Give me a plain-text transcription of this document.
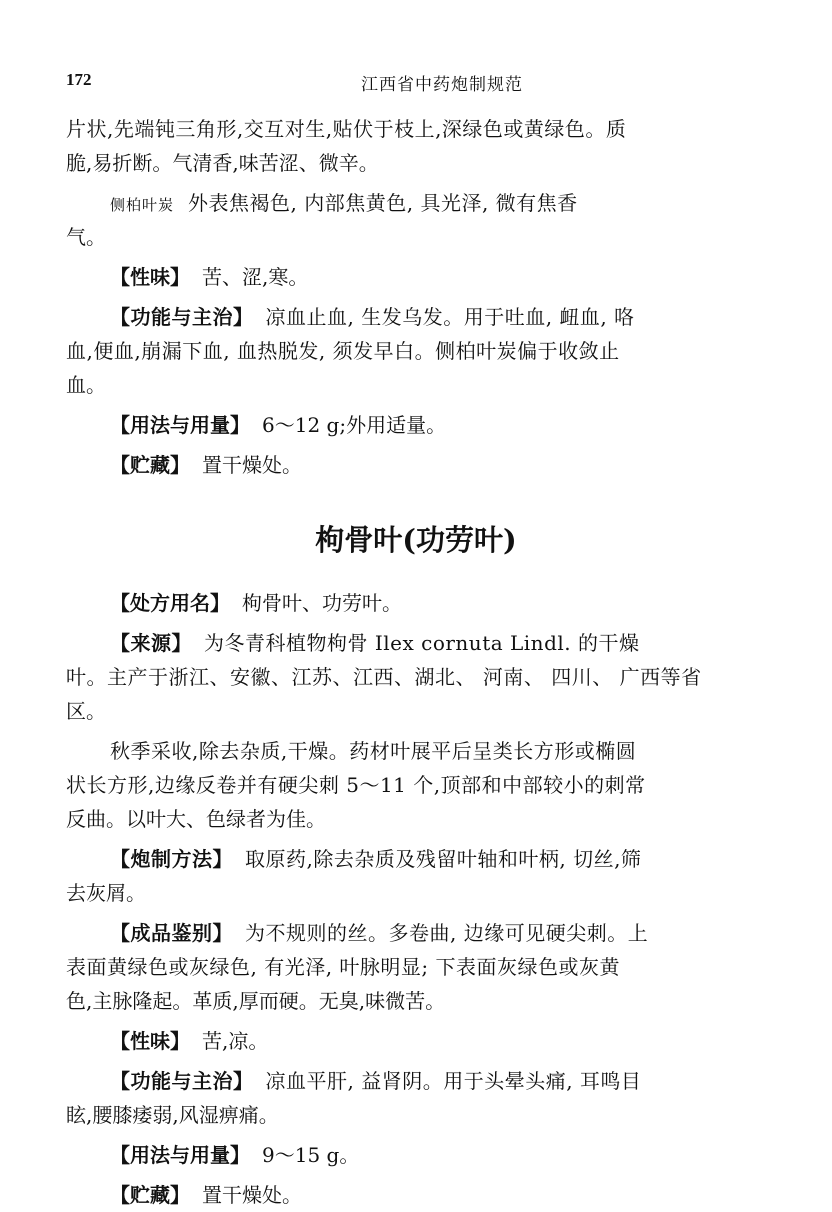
172	江西省中药炮制规范
片状,先端钝三角形,交互对生,贴伏于枝上,深绿色或黄绿色。质
脆,易折断。气清香,味苦涩、微辛。
侧柏叶炭 外表焦褐色, 内部焦黄色, 具光泽, 微有焦香
气。
【性味】 苦、涩,寒。
【功能与主治】 凉血止血, 生发乌发。用于吐血, 衄血, 咯
血,便血,崩漏下血, 血热脱发, 须发早白。侧柏叶炭偏于收敛止
血。
【用法与用量】 6～12 g;外用适量。
【贮藏】 置干燥处。
枸骨叶(功劳叶)
【处方用名】 枸骨叶、功劳叶。
【来源】 为冬青科植物枸骨 Ilex cornuta Lindl. 的干燥
叶。主产于浙江、安徽、江苏、江西、湖北、 河南、 四川、 广西等省
区。
秋季采收,除去杂质,干燥。药材叶展平后呈类长方形或椭圆
状长方形,边缘反卷并有硬尖刺 5～11 个,顶部和中部较小的刺常
反曲。以叶大、色绿者为佳。
【炮制方法】 取原药,除去杂质及残留叶轴和叶柄, 切丝,筛
去灰屑。
【成品鉴别】 为不规则的丝。多卷曲, 边缘可见硬尖刺。上
表面黄绿色或灰绿色, 有光泽, 叶脉明显; 下表面灰绿色或灰黄
色,主脉隆起。革质,厚而硬。无臭,味微苦。
【性味】 苦,凉。
【功能与主治】 凉血平肝, 益肾阴。用于头晕头痛, 耳鸣目
眩,腰膝痿弱,风湿痹痛。
【用法与用量】 9～15 g。
【贮藏】 置干燥处。
